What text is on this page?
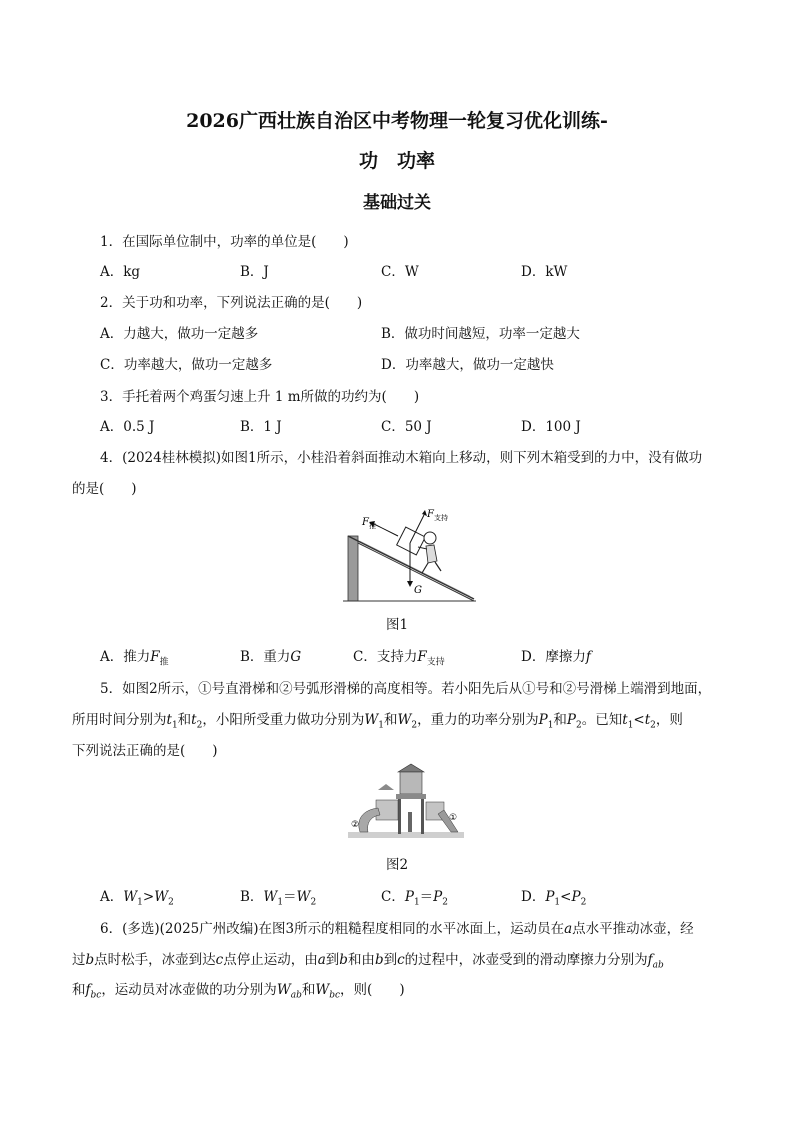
2026广西壮族自治区中考物理一轮复习优化训练-
功　功率
基础过关
1．在国际单位制中，功率的单位是(　　)
A．kg	B．J	C．W	D．kW
2．关于功和功率，下列说法正确的是(　　)
A．力越大，做功一定越多	B．做功时间越短，功率一定越大
C．功率越大，做功一定越多	D．功率越大，做功一定越快
3．手托着两个鸡蛋匀速上升 1 m所做的功约为(　　)
A．0.5 J	B．1 J	C．50 J	D．100 J
4．(2024桂林模拟)如图1所示，小桂沿着斜面推动木箱向上移动，则下列木箱受到的力中，没有做功
的是(　　)
F 推
F 支持
G
图1
A．推力$F_推$	B．重力G	C．支持力$F_{支持}$	D．摩擦力f
5．如图2所示，①号直滑梯和②号弧形滑梯的高度相等。若小阳先后从①号和②号滑梯上端滑到地面，
所用时间分别为$t_1$和$t_2$，小阳所受重力做功分别为$W_1$和$W_2$，重力的功率分别为$P_1$和$P_2$。已知$t_1<t_2$，则
下列说法正确的是(　　)
②
①
图2
A．$W_1>W_2$	B．$W_1=W_2$	C．$P_1=P_2$	D．$P_1<P_2$
6．(多选)(2025广州改编)在图3所示的粗糙程度相同的水平冰面上，运动员在a点水平推动冰壶，经
过b点时松手，冰壶到达c点停止运动，由a到b和由b到c的过程中，冰壶受到的滑动摩擦力分别为$f_{ab}$
和$f_{bc}$，运动员对冰壶做的功分别为$W_{ab}$和$W_{bc}$，则(　　)
